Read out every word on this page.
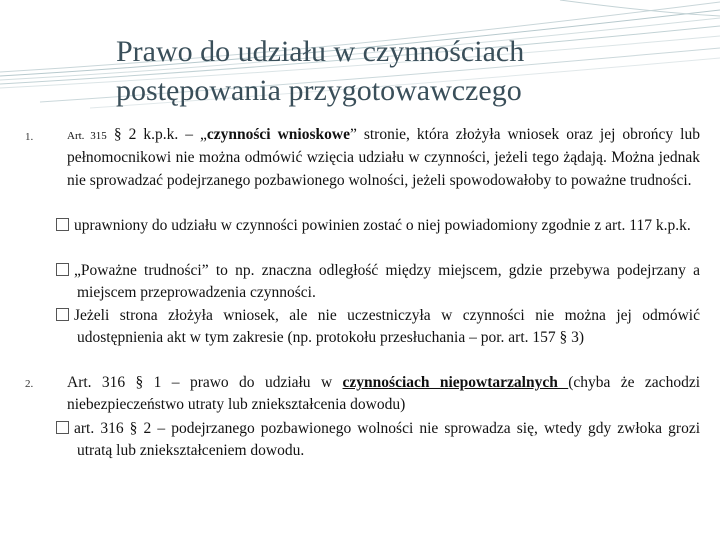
Prawo do udziału w czynnościach
postępowania przygotowawczego
1.	Art. 315 § 2 k.p.k. – „czynności wnioskowe” stronie, która złożyła wniosek oraz jej obrońcy lub pełnomocnikowi nie można odmówić wzięcia udziału w czynności, jeżeli tego żądają. Można jednak nie sprowadzać podejrzanego pozbawionego wolności, jeżeli spowodowałoby to poważne trudności.
uprawniony do udziału w czynności powinien zostać o niej powiadomiony zgodnie z art. 117 k.p.k.
„Poważne trudności” to np. znaczna odległość między miejscem, gdzie przebywa podejrzany a miejscem przeprowadzenia czynności.
Jeżeli strona złożyła wniosek, ale nie uczestniczyła w czynności nie można jej odmówić udostępnienia akt w tym zakresie (np. protokołu przesłuchania – por. art. 157 § 3)
2. Art. 316 § 1 – prawo do udziału w czynnościach niepowtarzalnych (chyba że zachodzi niebezpieczeństwo utraty lub zniekształcenia dowodu)
art. 316 § 2 – podejrzanego pozbawionego wolności nie sprowadza się, wtedy gdy zwłoka grozi utratą lub zniekształceniem dowodu.
